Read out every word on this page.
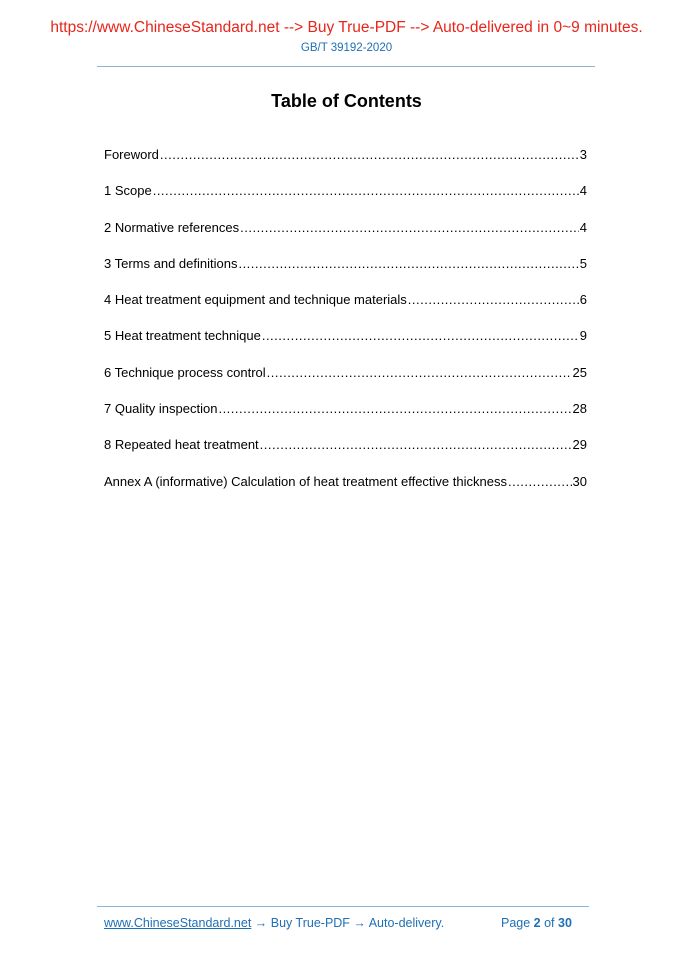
https://www.ChineseStandard.net --> Buy True-PDF --> Auto-delivered in 0~9 minutes.
GB/T 39192-2020
Table of Contents
Foreword .....	3
1 Scope .....	4
2 Normative references .....	4
3 Terms and definitions .....	5
4 Heat treatment equipment and technique materials .....	6
5 Heat treatment technique .....	9
6 Technique process control .....	25
7 Quality inspection .....	28
8 Repeated heat treatment .....	29
Annex A (informative) Calculation of heat treatment effective thickness .....	30
www.ChineseStandard.net → Buy True-PDF → Auto-delivery.	Page 2 of 30
